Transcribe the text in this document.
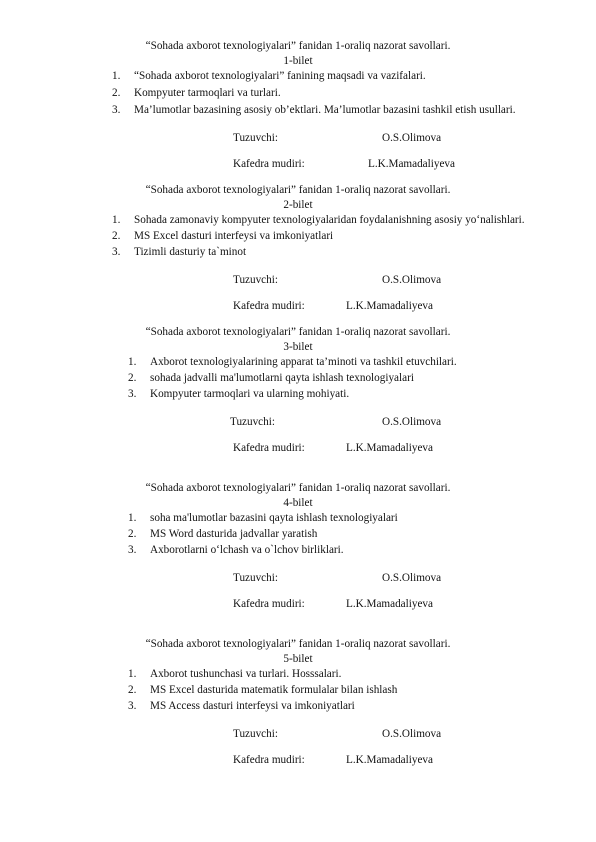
“Sohada axborot texnologiyalari” fanidan 1-oraliq nazorat savollari.
1-bilet
1. “Sohada axborot texnologiyalari” fanining maqsadi va vazifalari.
2. Kompyuter tarmoqlari va turlari.
3. Ma’lumotlar bazasining asosiy ob’ektlari. Ma’lumotlar bazasini tashkil etish usullari.
Tuzuvchi:	O.S.Olimova
Kafedra mudiri:	L.K.Mamadaliyeva
“Sohada axborot texnologiyalari” fanidan 1-oraliq nazorat savollari.
2-bilet
1. Sohada zamonaviy kompyuter texnologiyalaridan foydalanishning asosiy yo‘nalishlari.
2. MS Excel dasturi interfeysi va imkoniyatlari
3. Tizimli dasturiy ta`minot
Tuzuvchi:	O.S.Olimova
Kafedra mudiri:	L.K.Mamadaliyeva
“Sohada axborot texnologiyalari” fanidan 1-oraliq nazorat savollari.
3-bilet
1. Axborot texnologiyalarining apparat ta’minoti va tashkil etuvchilari.
2. sohada jadvalli ma'lumotlarni qayta ishlash texnologiyalari
3. Kompyuter tarmoqlari va ularning mohiyati.
Tuzuvchi:	O.S.Olimova
Kafedra mudiri:	L.K.Mamadaliyeva
“Sohada axborot texnologiyalari” fanidan 1-oraliq nazorat savollari.
4-bilet
1. soha ma'lumotlar bazasini qayta ishlash texnologiyalari
2. MS Word dasturida jadvallar yaratish
3. Axborotlarni o‘lchash va o`lchov birliklari.
Tuzuvchi:	O.S.Olimova
Kafedra mudiri:	L.K.Mamadaliyeva
“Sohada axborot texnologiyalari” fanidan 1-oraliq nazorat savollari.
5-bilet
1. Axborot tushunchasi va turlari. Hosssalari.
2. MS Excel dasturida matematik formulalar bilan ishlash
3. MS Access dasturi interfeysi va imkoniyatlari
Tuzuvchi:	O.S.Olimova
Kafedra mudiri:	L.K.Mamadaliyeva
